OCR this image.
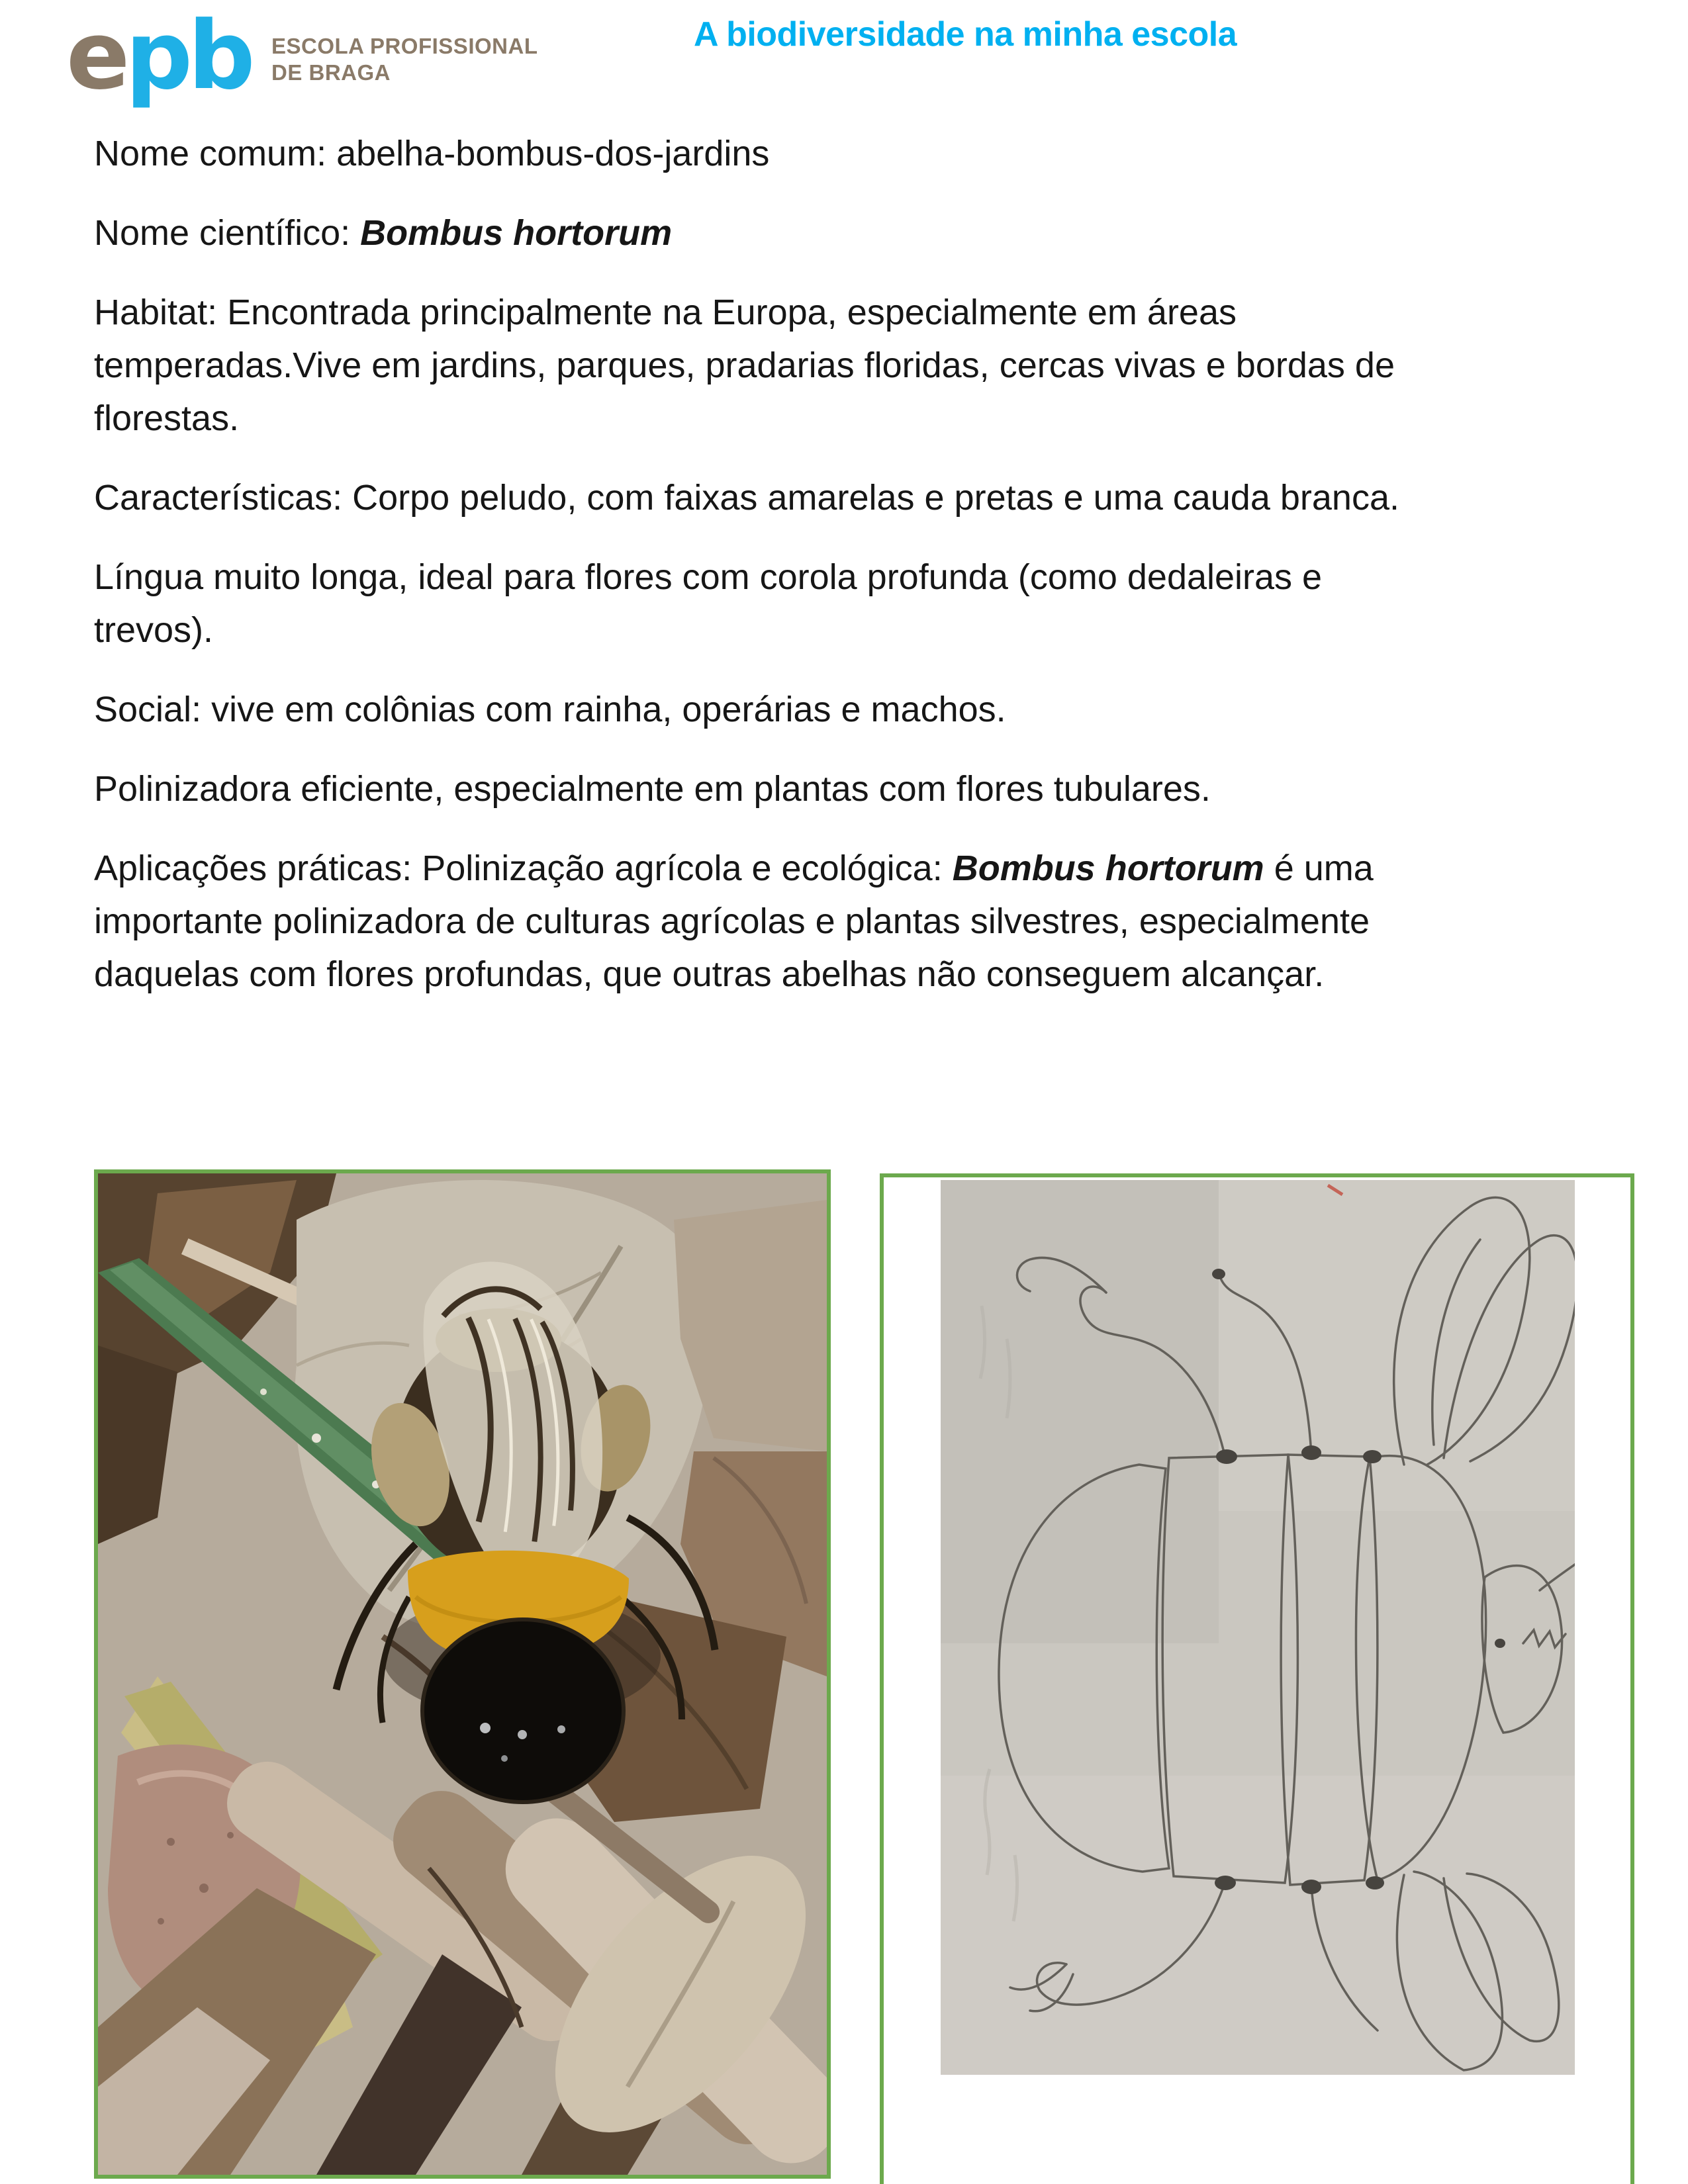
epb ESCOLA PROFISSIONAL
DE BRAGA
A biodiversidade na minha escola

Nome comum: abelha-bombus-dos-jardins

Nome científico: Bombus hortorum

Habitat: Encontrada principalmente na Europa, especialmente em áreas
temperadas.Vive em jardins, parques, pradarias floridas, cercas vivas e bordas de
florestas.

Características: Corpo peludo, com faixas amarelas e pretas e uma cauda branca.

Língua muito longa, ideal para flores com corola profunda (como dedaleiras e
trevos).

Social: vive em colônias com rainha, operárias e machos.

Polinizadora eficiente, especialmente em plantas com flores tubulares.

Aplicações práticas: Polinização agrícola e ecológica: Bombus hortorum é uma
importante polinizadora de culturas agrícolas e plantas silvestres, especialmente
daquelas com flores profundas, que outras abelhas não conseguem alcançar.
